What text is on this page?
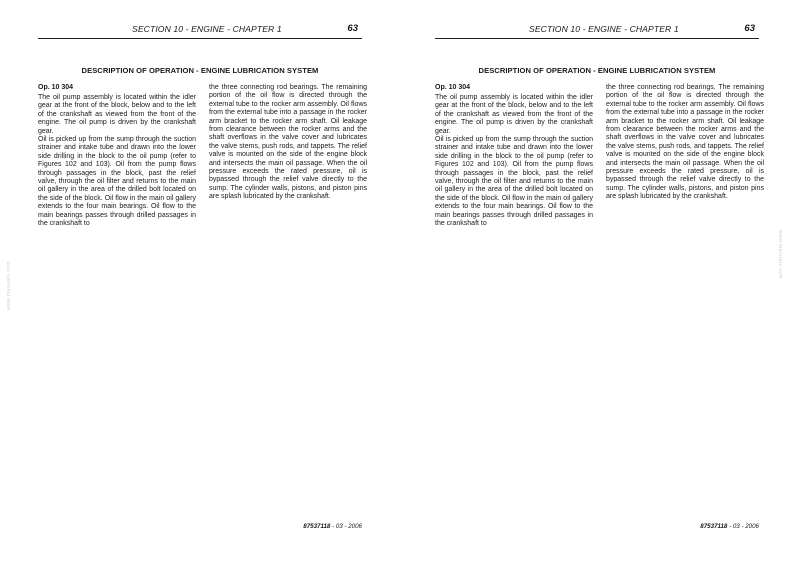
SECTION 10 - ENGINE - CHAPTER 1	63
DESCRIPTION OF OPERATION - ENGINE LUBRICATION SYSTEM

Op. 10 304

The oil pump assembly is located within the idler gear at the front of the block, below and to the left of the crankshaft as viewed from the front of the engine. The oil pump is driven by the crankshaft gear.

Oil is picked up from the sump through the suction strainer and intake tube and drawn into the lower side drilling in the block to the oil pump (refer to Figures 102 and 103). Oil from the pump flows through passages in the block, past the relief valve, through the oil filter and returns to the main oil gallery in the area of the drilled bolt located on the side of the block. Oil flow in the main oil gallery extends to the four main bearings. Oil flow to the main bearings passes through drilled passages in the crankshaft to

the three connecting rod bearings. The remaining portion of the oil flow is directed through the external tube to the rocker arm assembly. Oil flows from the external tube into a passage in the rocker arm bracket to the rocker arm shaft. Oil leakage from clearance between the rocker arms and the shaft overflows in the valve cover and lubricates the valve stems, push rods, and tappets. The relief valve is mounted on the side of the engine block and intersects the main oil passage. When the oil pressure exceeds the rated pressure, oil is bypassed through the relief valve directly to the sump. The cylinder walls, pistons, and piston pins are splash lubricated by the crankshaft.

87537118 - 03 - 2006
SECTION 10 - ENGINE - CHAPTER 1	63
DESCRIPTION OF OPERATION - ENGINE LUBRICATION SYSTEM

Op. 10 304

The oil pump assembly is located within the idler gear at the front of the block, below and to the left of the crankshaft as viewed from the front of the engine. The oil pump is driven by the crankshaft gear.

Oil is picked up from the sump through the suction strainer and intake tube and drawn into the lower side drilling in the block to the oil pump (refer to Figures 102 and 103). Oil from the pump flows through passages in the block, past the relief valve, through the oil filter and returns to the main oil gallery in the area of the drilled bolt located on the side of the block. Oil flow in the main oil gallery extends to the four main bearings. Oil flow to the main bearings passes through drilled passages in the crankshaft to

the three connecting rod bearings. The remaining portion of the oil flow is directed through the external tube to the rocker arm assembly. Oil flows from the external tube into a passage in the rocker arm bracket to the rocker arm shaft. Oil leakage from clearance between the rocker arms and the shaft overflows in the valve cover and lubricates the valve stems, push rods, and tappets. The relief valve is mounted on the side of the engine block and intersects the main oil passage. When the oil pressure exceeds the rated pressure, oil is bypassed through the relief valve directly to the sump. The cylinder walls, pistons, and piston pins are splash lubricated by the crankshaft.

87537118 - 03 - 2006
www.manuals.com
www.manuals.com
